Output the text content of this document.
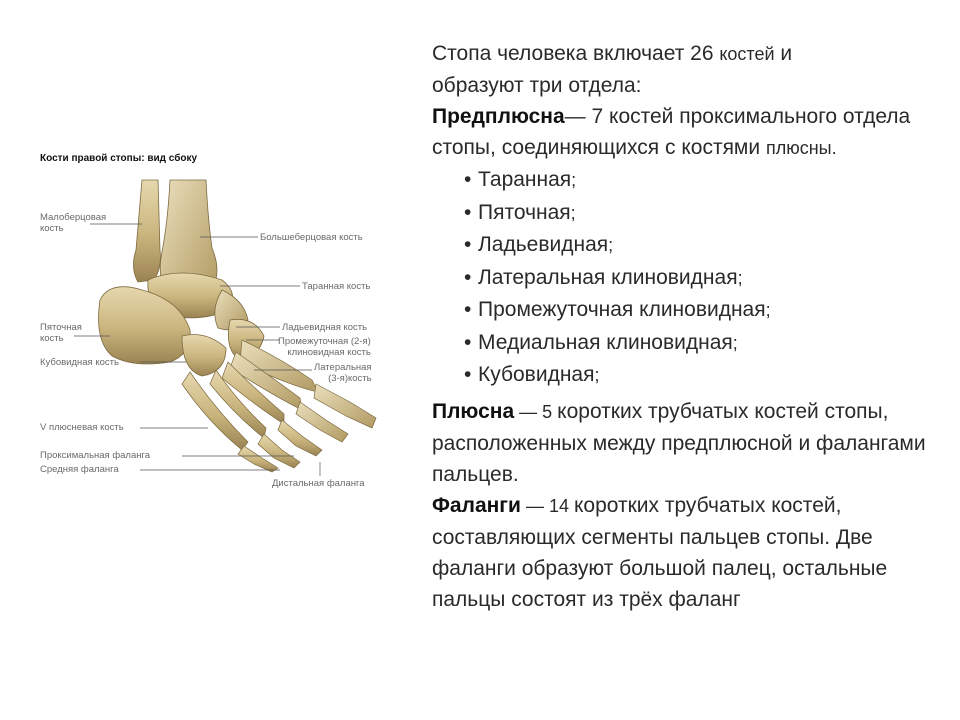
Кости правой стопы: вид сбоку
Малоберцовая
кость
Большеберцовая кость
Таранная кость
Пяточная
кость
Ладьевидная кость
Промежуточная (2-я)
клиновидная кость
Кубовидная кость	Латеральная
(3-я)кость
V плюсневая кость
Проксимальная фаланга
Средняя фаланга
Дистальная фаланга

Стопа человека включает 26 костей и
образуют три отдела:

Предплюсна— 7 костей проксимального отдела стопы, соединяющихся с костями плюсны.

• Таранная;
• Пяточная;
• Ладьевидная;
• Латеральная клиновидная;
• Промежуточная клиновидная;
• Медиальная клиновидная;
• Кубовидная;

Плюсна — 5 коротких трубчатых костей стопы, расположенных между предплюсной и фалангами пальцев.

Фаланги — 14 коротких трубчатых костей, составляющих сегменты пальцев стопы. Две фаланги образуют большой палец, остальные пальцы состоят из трёх фаланг
